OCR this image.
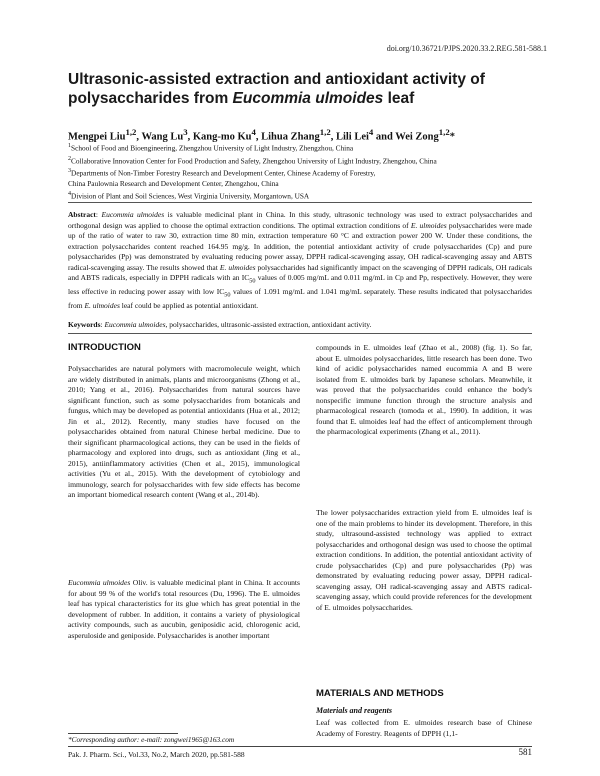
doi.org/10.36721/PJPS.2020.33.2.REG.581-588.1
Ultrasonic-assisted extraction and antioxidant activity of
polysaccharides from Eucommia ulmoides leaf
Mengpei Liu$^{1,2}$, Wang Lu$^3$, Kang-mo Ku$^4$, Lihua Zhang$^{1,2}$, Lili Lei$^4$ and Wei Zong$^{1,2}$*
$^1$School of Food and Bioengineering, Zhengzhou University of Light Industry, Zhengzhou, China
$^2$Collaborative Innovation Center for Food Production and Safety, Zhengzhou University of Light Industry, Zhengzhou, China
$^3$Departments of Non-Timber Forestry Research and Development Center, Chinese Academy of Forestry,
China Paulownia Research and Development Center, Zhengzhou, China
$^4$Division of Plant and Soil Sciences, West Virginia University, Morgantown, USA
Abstract: Eucommia ulmoides is valuable medicinal plant in China. In this study, ultrasonic technology was used to extract polysaccharides and orthogonal design was applied to choose the optimal extraction conditions. The optimal extraction conditions of E. ulmoides polysaccharides were made up of the ratio of water to raw 30, extraction time 80 min, extraction temperature 60 °C and extraction power 200 W. Under these conditions, the extraction polysaccharides content reached 164.95 mg/g. In addition, the potential antioxidant activity of crude polysaccharides (Cp) and pure polysaccharides (Pp) was demonstrated by evaluating reducing power assay, DPPH radical-scavenging assay, OH radical-scavenging assay and ABTS radical-scavenging assay. The results showed that E. ulmoides polysaccharides had significantly impact on the scavenging of DPPH radicals, OH radicals and ABTS radicals, especially in DPPH radicals with an $IC_{50}$ values of 0.005 mg/mL and 0.011 mg/mL in Cp and Pp, respectively. However, they were less effective in reducing power assay with low $IC_{50}$ values of 1.091 mg/mL and 1.041 mg/mL separately. These results indicated that polysaccharides from E. ulmoides leaf could be applied as potential antioxidant.
Keywords: Eucommia ulmoides, polysaccharides, ultrasonic-assisted extraction, antioxidant activity.
INTRODUCTION

Polysaccharides are natural polymers with macromolecule weight, which are widely distributed in animals, plants and microorganisms (Zhong et al., 2010; Yang et al., 2016). Polysaccharides from natural sources have significant function, such as some polysaccharides from botanicals and fungus, which may be developed as potential antioxidants (Hua et al., 2012; Jin et al., 2012). Recently, many studies have focused on the polysaccharides obtained from natural Chinese herbal medicine. Due to their significant pharmacological actions, they can be used in the fields of pharmacology and explored into drugs, such as antioxidant (Jing et al., 2015), antiinflammatory activities (Chen et al., 2015), immunological activities (Yu et al., 2015). With the development of cytobiology and immunology, search for polysaccharides with few side effects has become an important biomedical research content (Wang et al., 2014b).

Eucommia ulmoides Oliv. is valuable medicinal plant in China. It accounts for about 99 % of the world's total resources (Du, 1996). The E. ulmoides leaf has typical characteristics for its glue which has great potential in the development of rubber. In addition, it contains a variety of physiological activity compounds, such as aucubin, geniposidic acid, chlorogenic acid, asperuloside and geniposide. Polysaccharides is another important

*Corresponding author: e-mail: zongwei1965@163.com

compounds in E. ulmoides leaf (Zhao et al., 2008) (fig. 1). So far, about E. ulmoides polysaccharides, little research has been done. Two kind of acidic polysaccharides named eucommia A and B were isolated from E. ulmoides bark by Japanese scholars. Meanwhile, it was proved that the polysaccharides could enhance the body's nonspecific immune function through the structure analysis and pharmacological research (tomoda et al., 1990). In addition, it was found that E. ulmoides leaf had the effect of anticomplement through the pharmacological experiments (Zhang et al., 2011).

The lower polysaccharides extraction yield from E. ulmoides leaf is one of the main problems to hinder its development. Therefore, in this study, ultrasound-assisted technology was applied to extract polysaccharides and orthogonal design was used to choose the optimal extraction conditions. In addition, the potential antioxidant activity of crude polysaccharides (Cp) and pure polysaccharides (Pp) was demonstrated by evaluating reducing power assay, DPPH radical-scavenging assay, OH radical-scavenging assay and ABTS radical-scavenging assay, which could provide references for the development of E. ulmoides polysaccharides.

MATERIALS AND METHODS
Materials and reagents

Leaf was collected from E. ulmoides research base of Chinese Academy of Forestry. Reagents of DPPH (1,1-

Pak. J. Pharm. Sci., Vol.33, No.2, March 2020, pp.581-588	581
